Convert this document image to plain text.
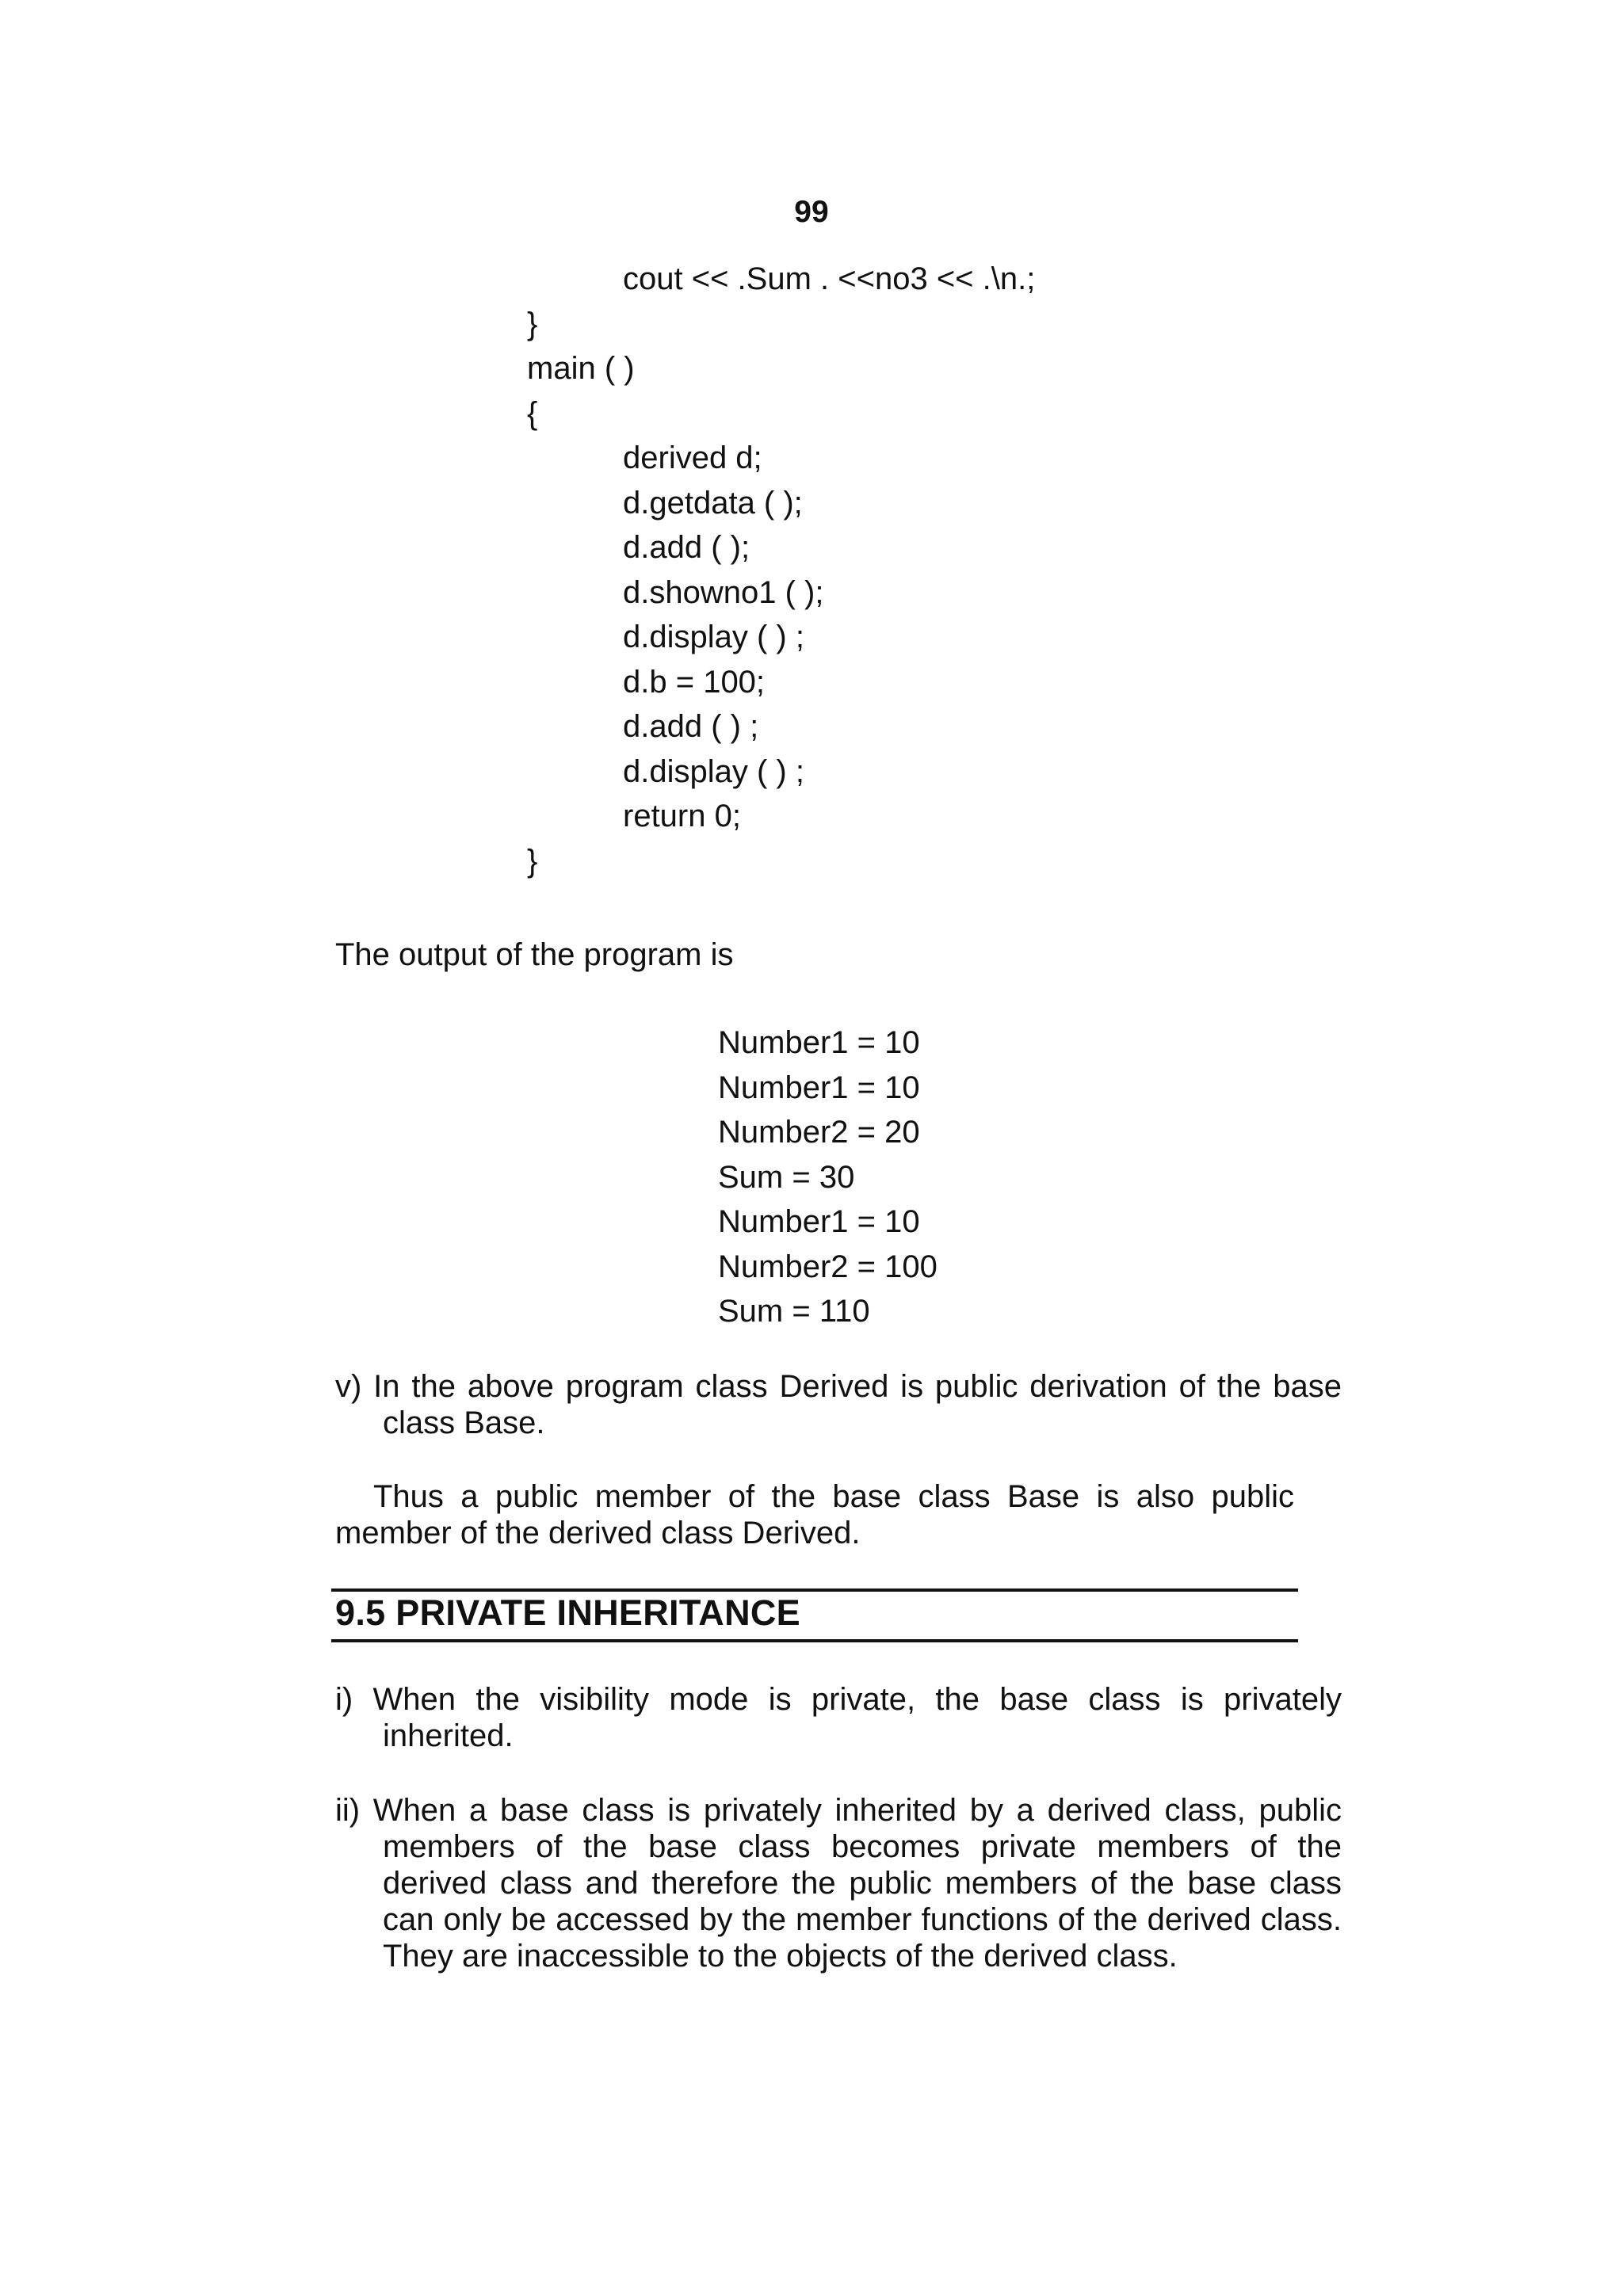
99
cout << .Sum . <<no3 << .\n.;
}
main ( )
{
derived d;
d.getdata ( );
d.add ( );
d.showno1 ( );
d.display ( ) ;
d.b = 100;
d.add ( ) ;
d.display ( ) ;
return 0;
}
The output of the program is
Number1 = 10
Number1 = 10
Number2 = 20
Sum = 30
Number1 = 10
Number2 = 100
Sum = 110
v) In the above program class Derived is public derivation of the base class Base.
Thus a public member of the base class Base is also public member of the derived class Derived.
9.5 PRIVATE INHERITANCE
i) When the visibility mode is private, the base class is privately inherited.
ii) When a base class is privately inherited by a derived class, public members of the base class becomes private members of the derived class and therefore the public members of the base class can only be accessed by the member functions of the derived class. They are inaccessible to the objects of the derived class.
